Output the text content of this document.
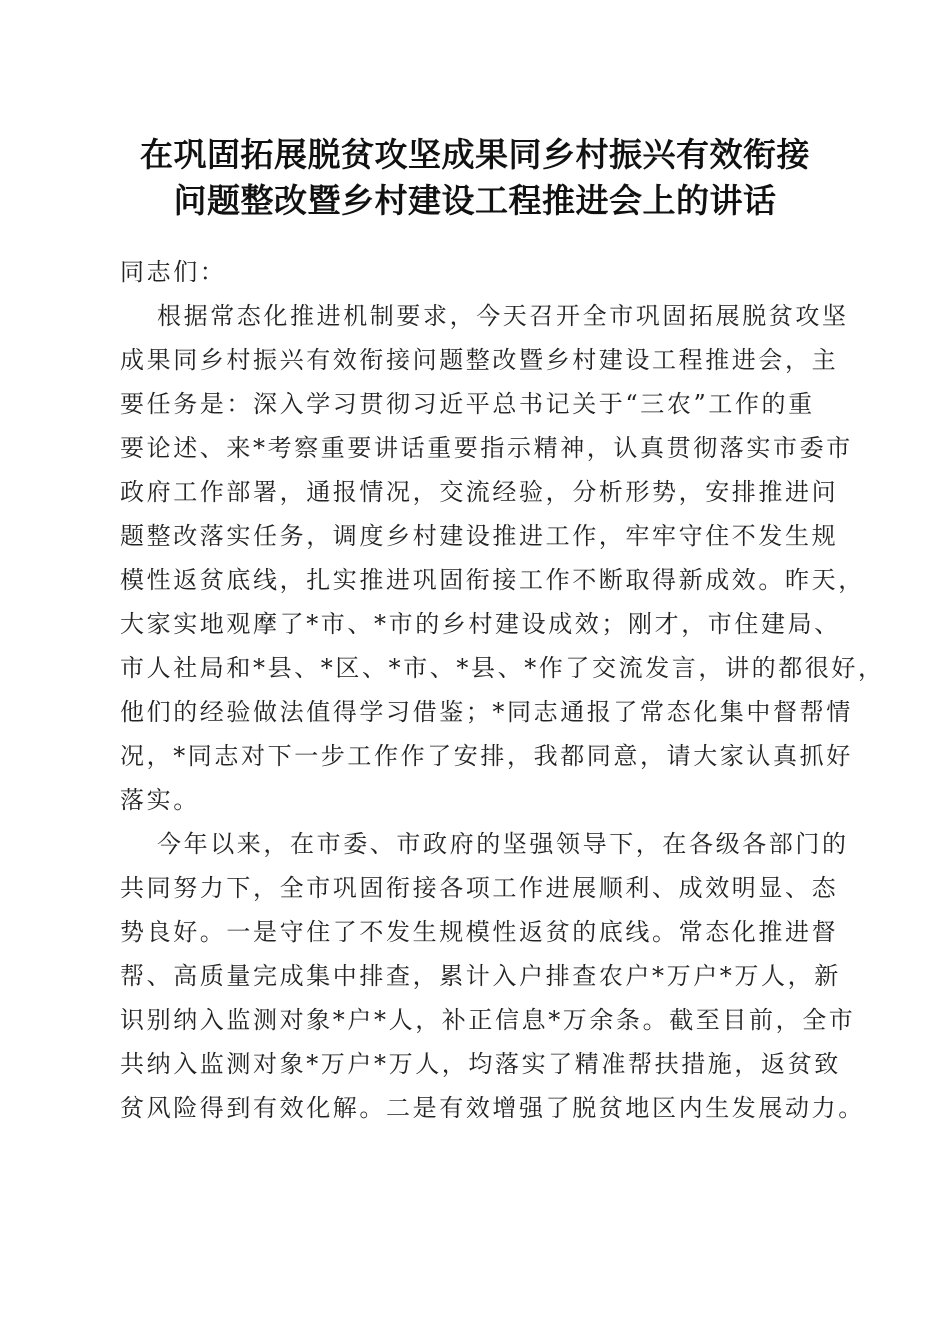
在巩固拓展脱贫攻坚成果同乡村振兴有效衔接
问题整改暨乡村建设工程推进会上的讲话
同志们：

根据常态化推进机制要求，今天召开全市巩固拓展脱贫攻坚
成果同乡村振兴有效衔接问题整改暨乡村建设工程推进会，主
要任务是：深入学习贯彻习近平总书记关于“三农”工作的重
要论述、来*考察重要讲话重要指示精神，认真贯彻落实市委市
政府工作部署，通报情况，交流经验，分析形势，安排推进问
题整改落实任务，调度乡村建设推进工作，牢牢守住不发生规
模性返贫底线，扎实推进巩固衔接工作不断取得新成效。昨天，
大家实地观摩了*市、*市的乡村建设成效；刚才，市住建局、
市人社局和*县、*区、*市、*县、*作了交流发言，讲的都很好，
他们的经验做法值得学习借鉴；*同志通报了常态化集中督帮情
况，*同志对下一步工作作了安排，我都同意，请大家认真抓好
落实。

今年以来，在市委、市政府的坚强领导下，在各级各部门的
共同努力下，全市巩固衔接各项工作进展顺利、成效明显、态
势良好。一是守住了不发生规模性返贫的底线。常态化推进督
帮、高质量完成集中排查，累计入户排查农户*万户*万人，新
识别纳入监测对象*户*人，补正信息*万余条。截至目前，全市
共纳入监测对象*万户*万人，均落实了精准帮扶措施，返贫致
贫风险得到有效化解。二是有效增强了脱贫地区内生发展动力。
